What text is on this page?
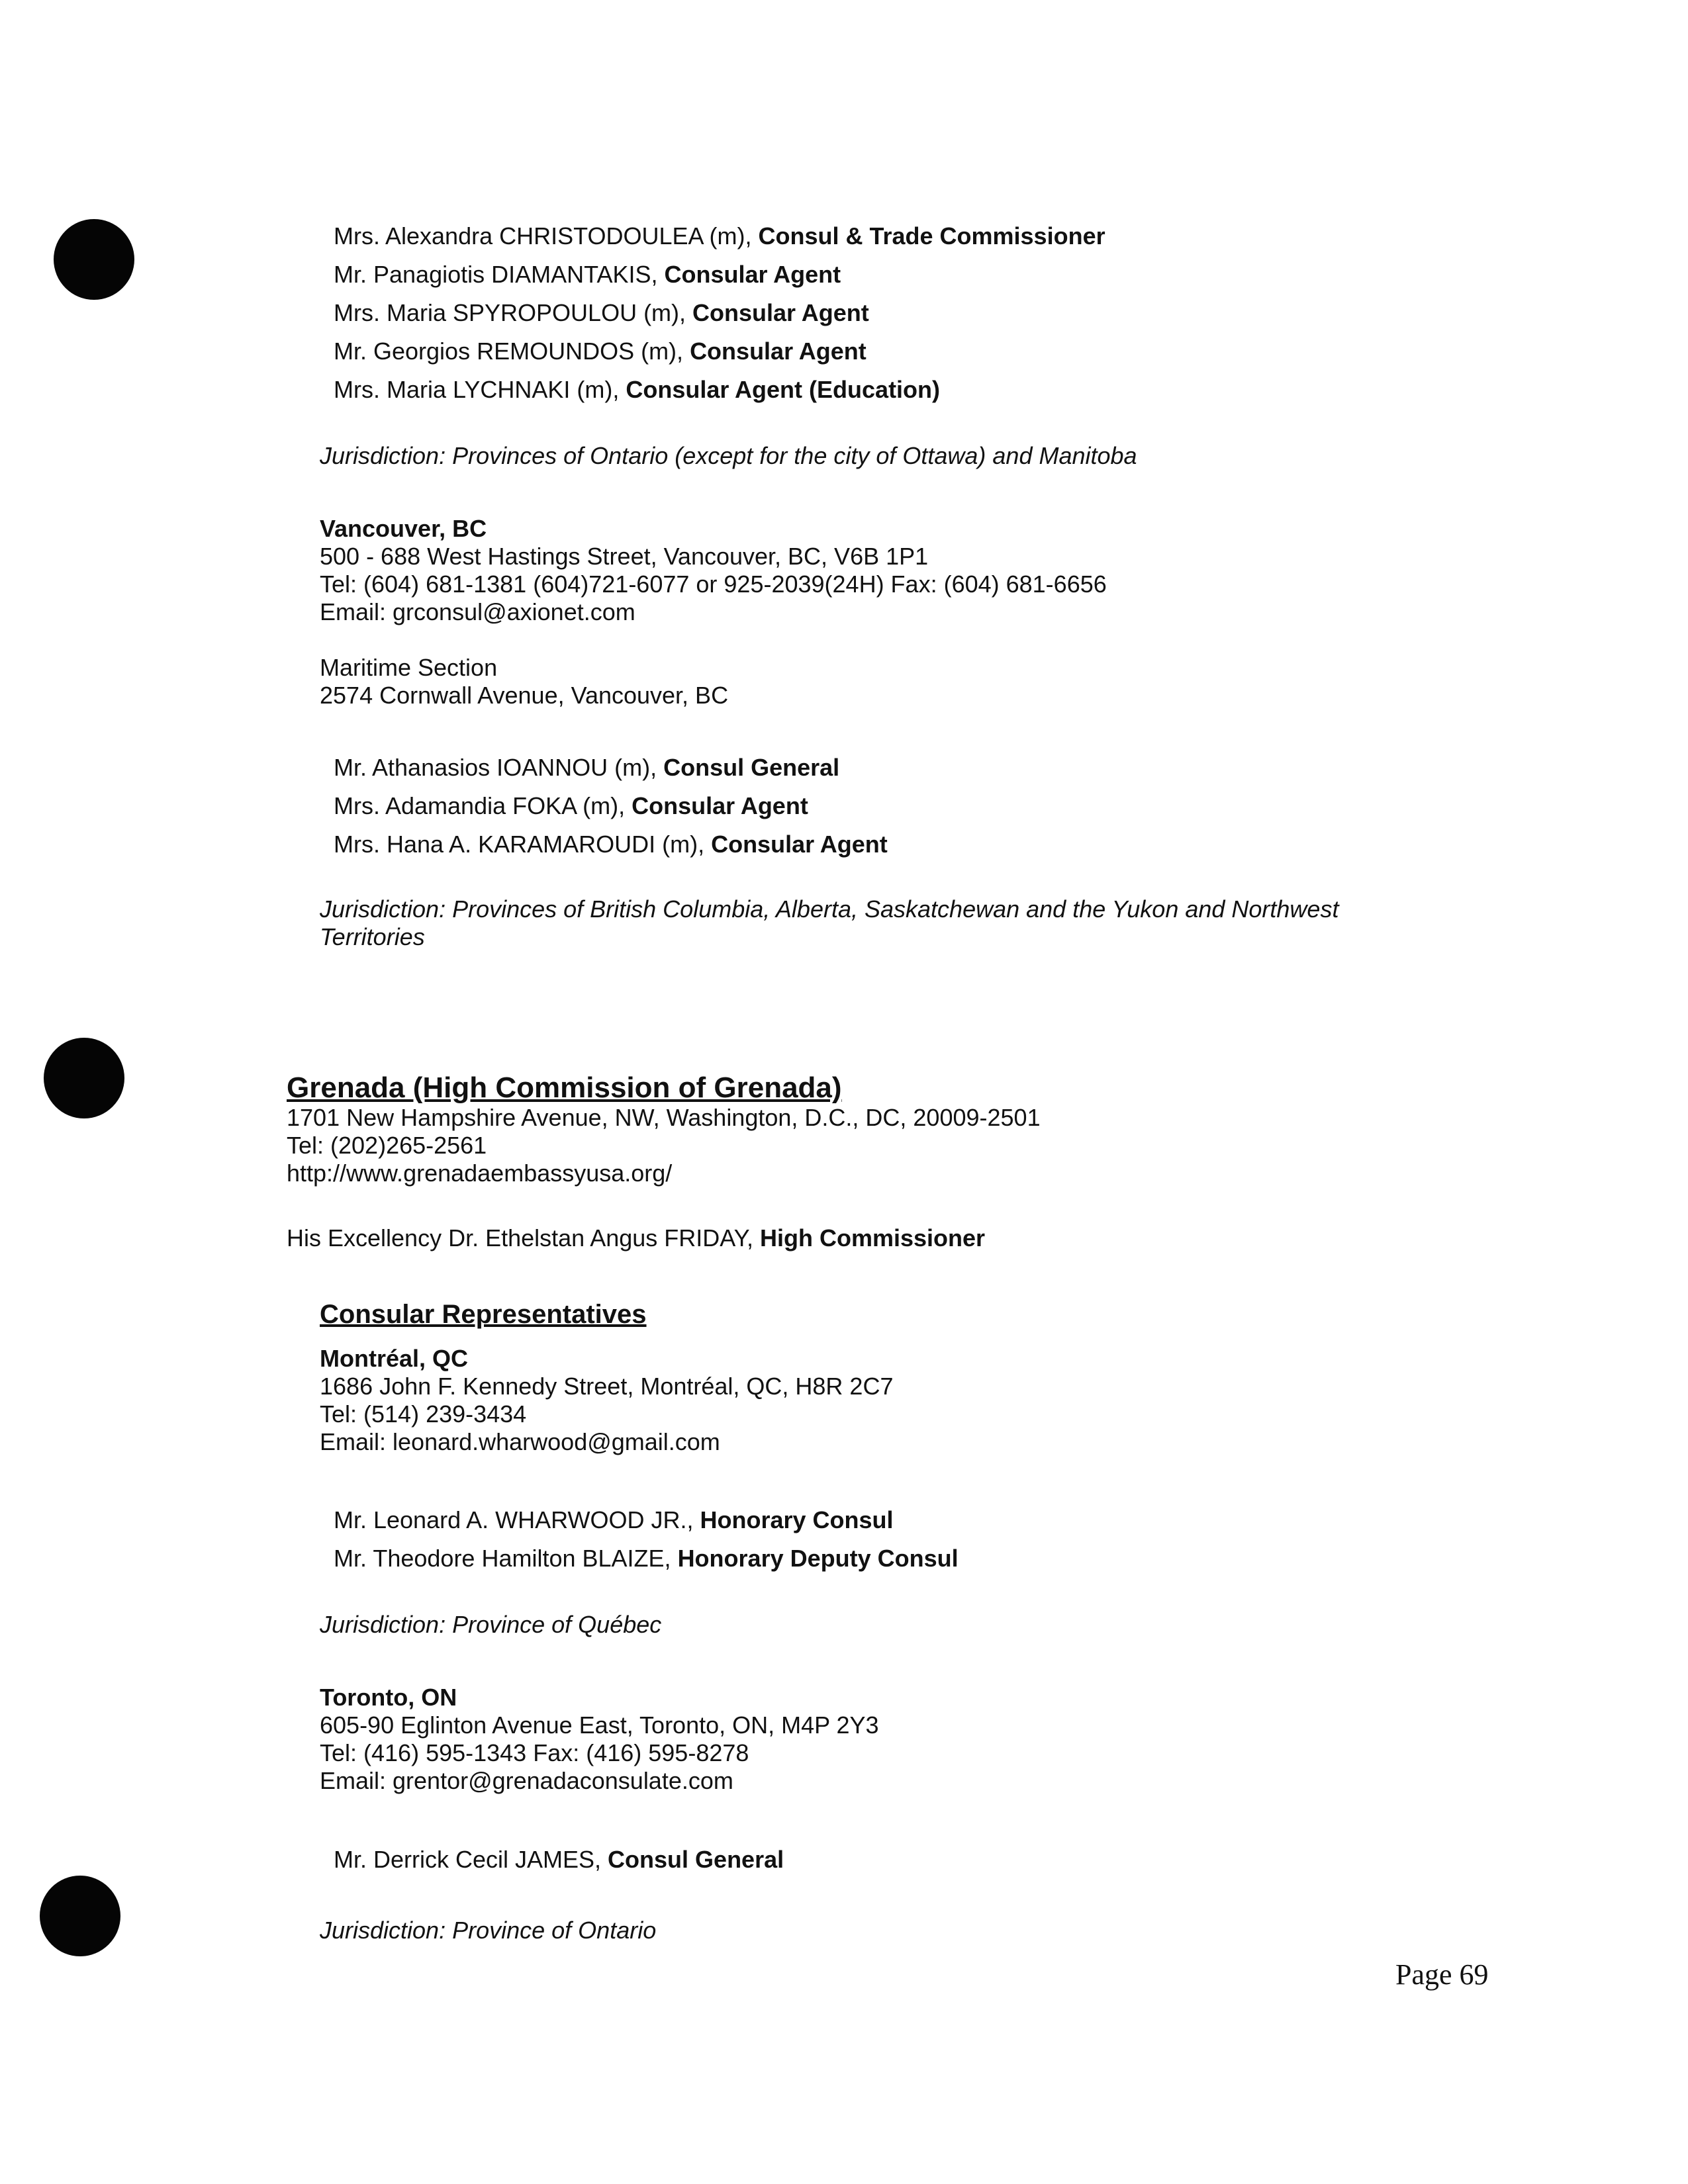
Mrs. Alexandra CHRISTODOULEA (m), Consul & Trade Commissioner
Mr. Panagiotis DIAMANTAKIS, Consular Agent
Mrs. Maria SPYROPOULOU (m), Consular Agent
Mr. Georgios REMOUNDOS (m), Consular Agent
Mrs. Maria LYCHNAKI (m), Consular Agent (Education)
Jurisdiction: Provinces of Ontario (except for the city of Ottawa) and Manitoba
Vancouver, BC
500 - 688 West Hastings Street, Vancouver, BC, V6B 1P1
Tel: (604) 681-1381 (604)721-6077 or 925-2039(24H) Fax: (604) 681-6656
Email: grconsul@axionet.com
Maritime Section
2574 Cornwall Avenue, Vancouver, BC
Mr. Athanasios IOANNOU (m), Consul General
Mrs. Adamandia FOKA (m), Consular Agent
Mrs. Hana A. KARAMAROUDI (m), Consular Agent
Jurisdiction: Provinces of British Columbia, Alberta, Saskatchewan and the Yukon and Northwest
Territories
Grenada (High Commission of Grenada)
1701 New Hampshire Avenue, NW, Washington, D.C., DC, 20009-2501
Tel: (202)265-2561
http://www.grenadaembassyusa.org/
His Excellency Dr. Ethelstan Angus FRIDAY, High Commissioner
Consular Representatives
Montréal, QC
1686 John F. Kennedy Street, Montréal, QC, H8R 2C7
Tel: (514) 239-3434
Email: leonard.wharwood@gmail.com
Mr. Leonard A. WHARWOOD JR., Honorary Consul
Mr. Theodore Hamilton BLAIZE, Honorary Deputy Consul
Jurisdiction: Province of Québec
Toronto, ON
605-90 Eglinton Avenue East, Toronto, ON, M4P 2Y3
Tel: (416) 595-1343 Fax: (416) 595-8278
Email: grentor@grenadaconsulate.com
Mr. Derrick Cecil JAMES, Consul General
Jurisdiction: Province of Ontario
Page 69
